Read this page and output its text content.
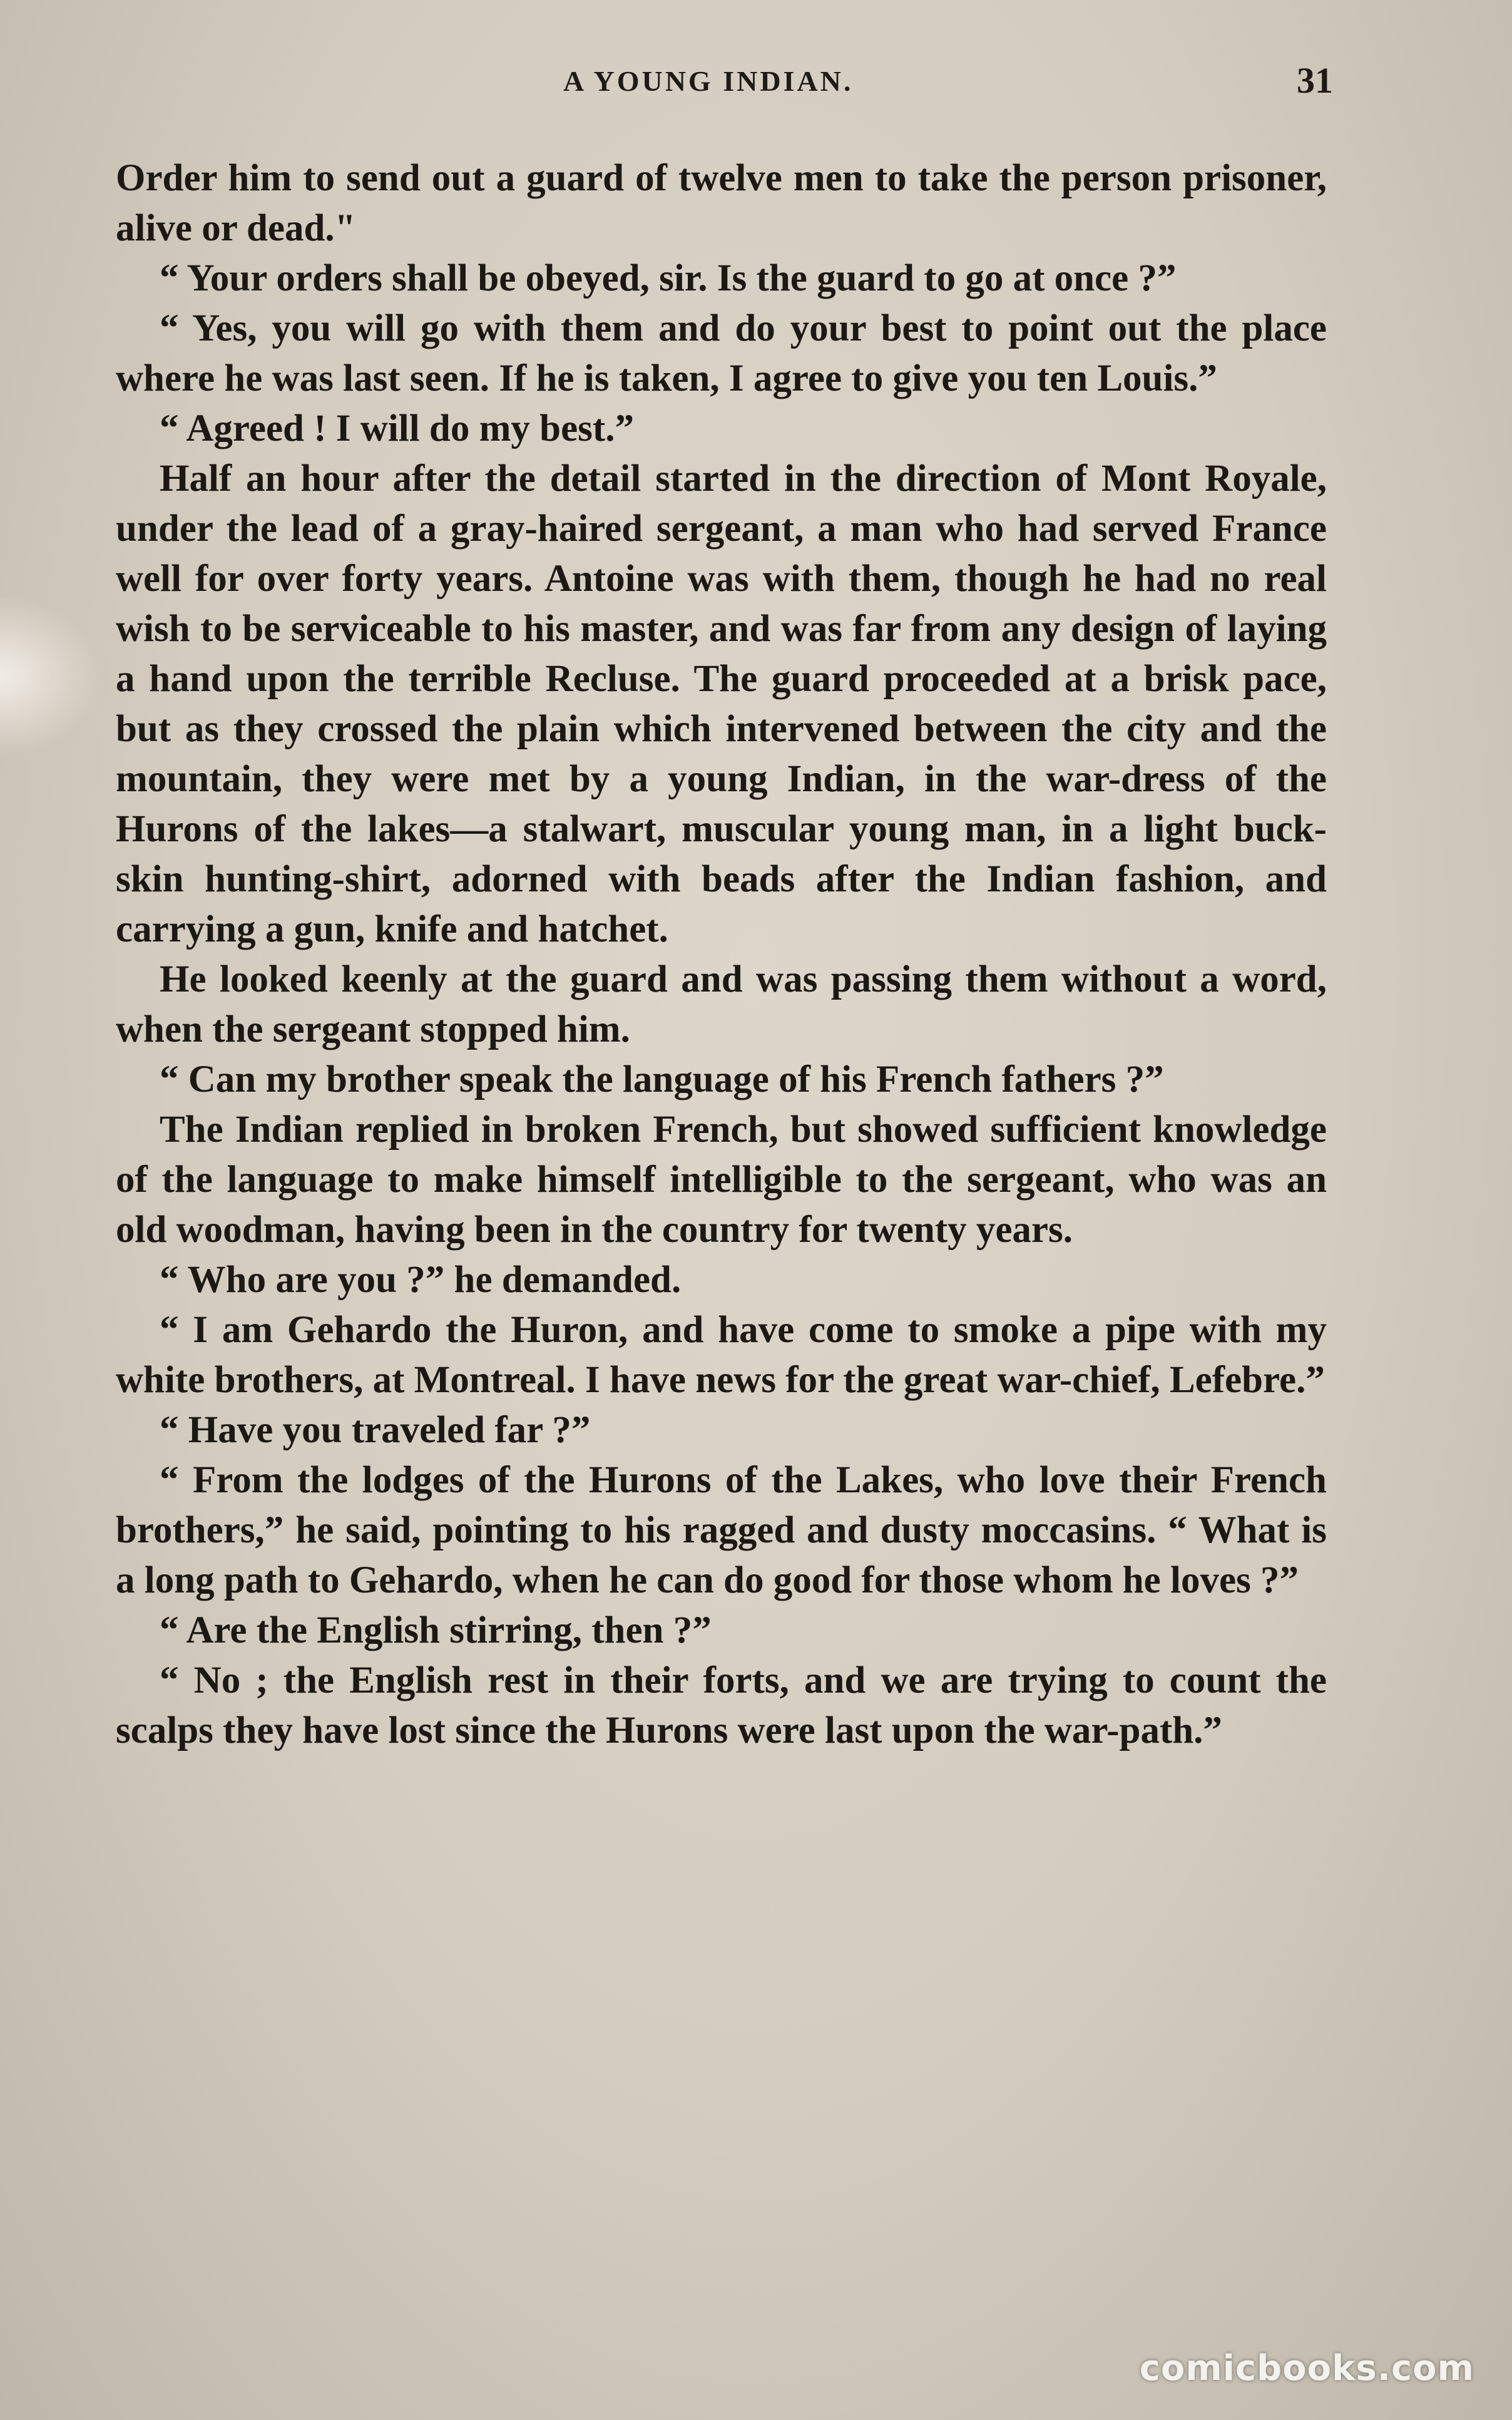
A YOUNG INDIAN.	31

Order him to send out a guard of twelve men to take the person prisoner, alive or dead."

“ Your orders shall be obeyed, sir. Is the guard to go at once ?”

“ Yes, you will go with them and do your best to point out the place where he was last seen. If he is taken, I agree to give you ten Louis.”

“ Agreed ! I will do my best.”

Half an hour after the detail started in the direction of Mont Royale, under the lead of a gray-haired sergeant, a man who had served France well for over forty years. Antoine was with them, though he had no real wish to be serviceable to his master, and was far from any design of laying a hand upon the terrible Recluse. The guard proceeded at a brisk pace, but as they crossed the plain which intervened between the city and the mountain, they were met by a young Indian, in the war-dress of the Hurons of the lakes—a stalwart, muscular young man, in a light buck-skin hunting-shirt, adorned with beads after the Indian fashion, and carrying a gun, knife and hatchet.

He looked keenly at the guard and was passing them without a word, when the sergeant stopped him.

“ Can my brother speak the language of his French fathers ?”

The Indian replied in broken French, but showed sufficient knowledge of the language to make himself intelligible to the sergeant, who was an old woodman, having been in the country for twenty years.

“ Who are you ?” he demanded.

“ I am Gehardo the Huron, and have come to smoke a pipe with my white brothers, at Montreal. I have news for the great war-chief, Lefebre.”

“ Have you traveled far ?”

“ From the lodges of the Hurons of the Lakes, who love their French brothers,” he said, pointing to his ragged and dusty moccasins. “ What is a long path to Gehardo, when he can do good for those whom he loves ?”

“ Are the English stirring, then ?”

“ No ; the English rest in their forts, and we are trying to count the scalps they have lost since the Hurons were last upon the war-path.”

comicbooks.com
